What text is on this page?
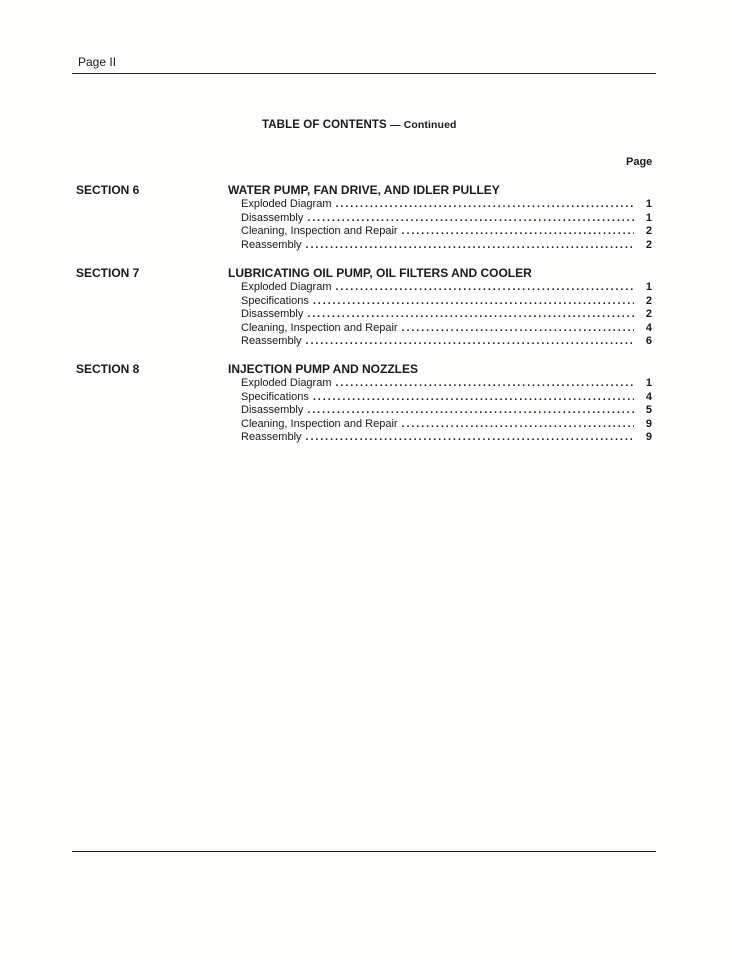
Page II
TABLE OF CONTENTS — Continued
Page
SECTION 6	WATER PUMP, FAN DRIVE, AND IDLER PULLEY
Exploded Diagram . . .	1
Disassembly . . .	1
Cleaning, Inspection and Repair . . .	2
Reassembly . . .	2
SECTION 7	LUBRICATING OIL PUMP, OIL FILTERS AND COOLER
Exploded Diagram . . .	1
Specifications . . .	2
Disassembly . . .	2
Cleaning, Inspection and Repair . . .	4
Reassembly . . .	6
SECTION 8	INJECTION PUMP AND NOZZLES
Exploded Diagram . . .	1
Specifications . . .	4
Disassembly . . .	5
Cleaning, Inspection and Repair . . .	9
Reassembly . . .	9
